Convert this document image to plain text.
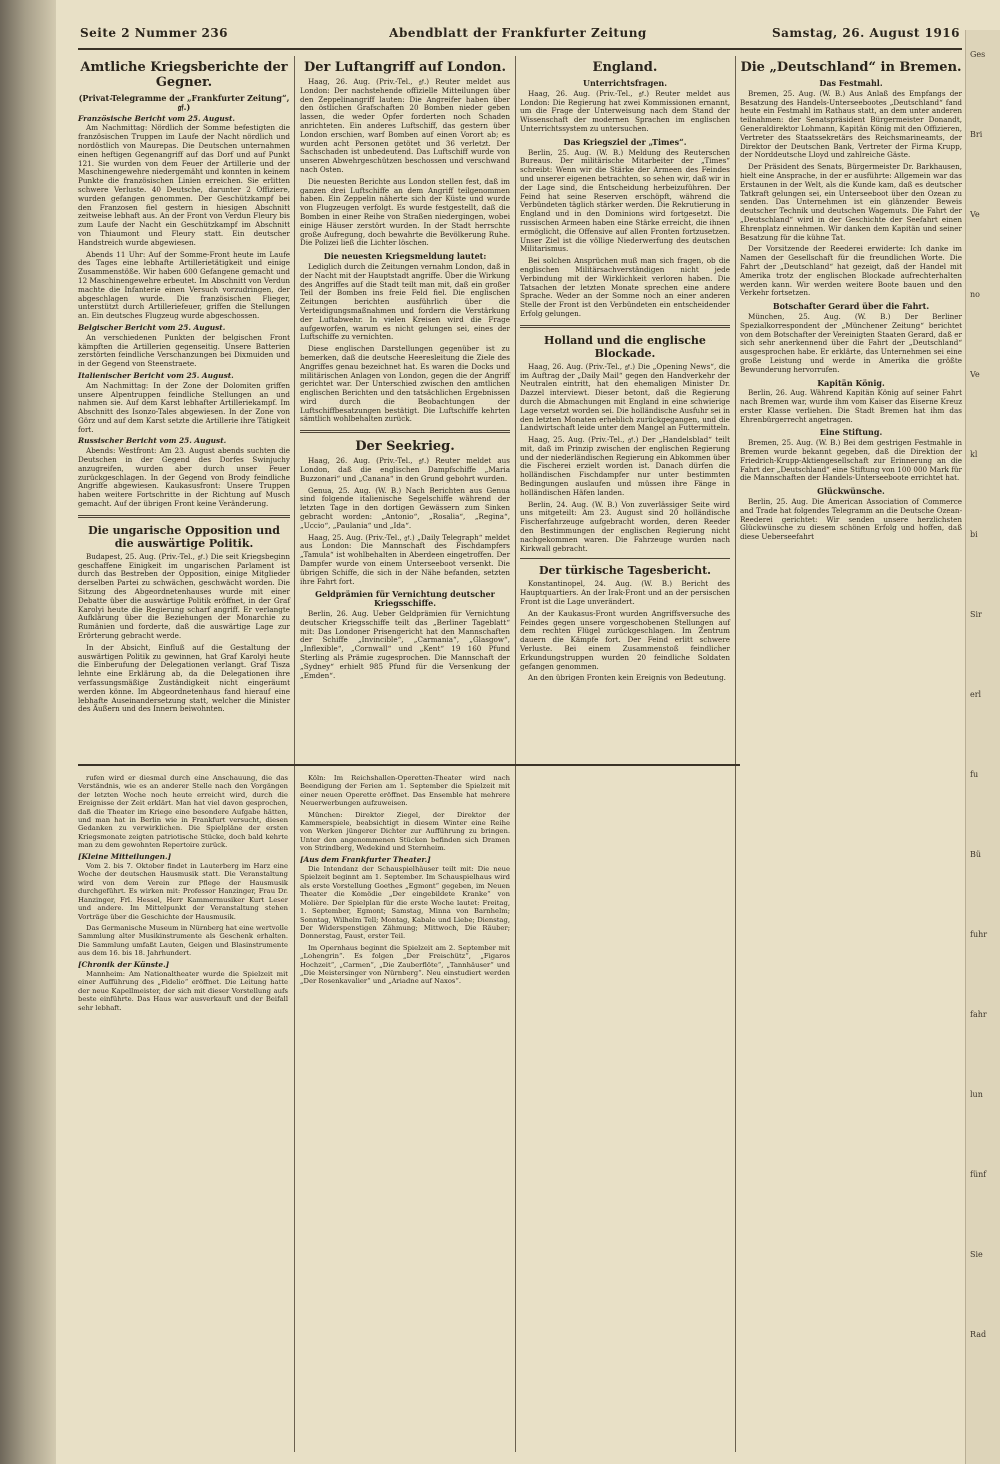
Ges
Bri
Ve
no
Ve
kl
bi
Sir
erl
fu
Bü
fuhr
fahr
lun
fünf
Sie
Rad
Seite 2 Nummer 236	Abendblatt der Frankfurter Zeitung	Samstag, 26. August 1916
Amtliche Kriegsberichte der Gegner.
(Privat-Telegramme der „Frankfurter Zeitung“, 𝔤𝔣.)
Französische Bericht vom 25. August.

Am Nachmittag: Nördlich der Somme befestigten die französischen Truppen im Laufe der Nacht nördlich und nordöstlich von Maurepas. Die Deutschen unternahmen einen heftigen Gegenangriff auf das Dorf und auf Punkt 121. Sie wurden von dem Feuer der Artillerie und der Maschinengewehre niedergemäht und konnten in keinem Punkte die französischen Linien erreichen. Sie erlitten schwere Verluste. 40 Deutsche, darunter 2 Offiziere, wurden gefangen genommen. Der Geschützkampf bei den Franzosen fiel gestern in hiesigen Abschnitt zeitweise lebhaft aus. An der Front von Verdun Fleury bis zum Laufe der Nacht ein Geschützkampf im Abschnitt von Thiaumont und Fleury statt. Ein deutscher Handstreich wurde abgewiesen.

Abends 11 Uhr: Auf der Somme-Front heute im Laufe des Tages eine lebhafte Artillerietätigkeit und einige Zusammenstöße. Wir haben 600 Gefangene gemacht und 12 Maschinengewehre erbeutet. Im Abschnitt von Verdun machte die Infanterie einen Versuch vorzudringen, der abgeschlagen wurde. Die französischen Flieger, unterstützt durch Artilleriefeuer, griffen die Stellungen an. Ein deutsches Flugzeug wurde abgeschossen.

Belgischer Bericht vom 25. August.

An verschiedenen Punkten der belgischen Front kämpften die Artillerien gegenseitig. Unsere Batterien zerstörten feindliche Verschanzungen bei Dixmuiden und in der Gegend von Steenstraete.

Italienischer Bericht vom 25. August.

Am Nachmittag: In der Zone der Dolomiten griffen unsere Alpentruppen feindliche Stellungen an und nahmen sie. Auf dem Karst lebhafter Artilleriekampf. Im Abschnitt des Isonzo-Tales abgewiesen. In der Zone von Görz und auf dem Karst setzte die Artillerie ihre Tätigkeit fort.

Russischer Bericht vom 25. August.

Abends: Westfront: Am 23. August abends suchten die Deutschen in der Gegend des Dorfes Swinjuchy anzugreifen, wurden aber durch unser Feuer zurückgeschlagen. In der Gegend von Brody feindliche Angriffe abgewiesen. Kaukasusfront: Unsere Truppen haben weitere Fortschritte in der Richtung auf Musch gemacht. Auf der übrigen Front keine Veränderung.

Die ungarische Opposition und die auswärtige Politik.

Budapest, 25. Aug. (Priv.-Tel., 𝔤𝔣.) Die seit Kriegsbeginn geschaffene Einigkeit im ungarischen Parlament ist durch das Bestreben der Opposition, einige Mitglieder derselben Partei zu schwächen, geschwächt worden. Die Sitzung des Abgeordnetenhauses wurde mit einer Debatte über die auswärtige Politik eröffnet, in der Graf Karolyi heute die Regierung scharf angriff. Er verlangte Aufklärung über die Beziehungen der Monarchie zu Rumänien und forderte, daß die auswärtige Lage zur Erörterung gebracht werde.

In der Absicht, Einfluß auf die Gestaltung der auswärtigen Politik zu gewinnen, hat Graf Karolyi heute die Einberufung der Delegationen verlangt. Graf Tisza lehnte eine Erklärung ab, da die Delegationen ihre verfassungsmäßige Zuständigkeit nicht eingeräumt werden könne. Im Abgeordnetenhaus fand hierauf eine lebhafte Auseinandersetzung statt, welcher die Minister des Äußern und des Innern beiwohnten.

Der Luftangriff auf London.

Haag, 26. Aug. (Priv.-Tel., 𝔤𝔣.) Reuter meldet aus London: Der nachstehende offizielle Mitteilungen über den Zeppelinangriff lauten: Die Angreifer haben über den östlichen Grafschaften 20 Bomben nieder geben lassen, die weder Opfer forderten noch Schaden anrichteten. Ein anderes Luftschiff, das gestern über London erschien, warf Bomben auf einen Vorort ab; es wurden acht Personen getötet und 36 verletzt. Der Sachschaden ist unbedeutend. Das Luftschiff wurde von unseren Abwehrgeschützen beschossen und verschwand nach Osten.

Die neuesten Berichte aus London stellen fest, daß im ganzen drei Luftschiffe an dem Angriff teilgenommen haben. Ein Zeppelin näherte sich der Küste und wurde von Flugzeugen verfolgt. Es wurde festgestellt, daß die Bomben in einer Reihe von Straßen niedergingen, wobei einige Häuser zerstört wurden. In der Stadt herrschte große Aufregung, doch bewahrte die Bevölkerung Ruhe. Die Polizei ließ die Lichter löschen.

Die neuesten Kriegsmeldung lautet:

Lediglich durch die Zeitungen vernahm London, daß in der Nacht mit der Hauptstadt angriffe. Über die Wirkung des Angriffes auf die Stadt teilt man mit, daß ein großer Teil der Bomben ins freie Feld fiel. Die englischen Zeitungen berichten ausführlich über die Verteidigungsmaßnahmen und fordern die Verstärkung der Luftabwehr. In vielen Kreisen wird die Frage aufgeworfen, warum es nicht gelungen sei, eines der Luftschiffe zu vernichten.

Diese englischen Darstellungen gegenüber ist zu bemerken, daß die deutsche Heeresleitung die Ziele des Angriffes genau bezeichnet hat. Es waren die Docks und militärischen Anlagen von London, gegen die der Angriff gerichtet war. Der Unterschied zwischen den amtlichen englischen Berichten und den tatsächlichen Ergebnissen wird durch die Beobachtungen der Luftschiffbesatzungen bestätigt. Die Luftschiffe kehrten sämtlich wohlbehalten zurück.

Der Seekrieg.

Haag, 26. Aug. (Priv.-Tel., 𝔤𝔣.) Reuter meldet aus London, daß die englischen Dampfschiffe „Maria Buzzonari“ und „Canana“ in den Grund gebohrt wurden.

Genua, 25. Aug. (W. B.) Nach Berichten aus Genua sind folgende italienische Segelschiffe während der letzten Tage in den dortigen Gewässern zum Sinken gebracht worden: „Antonio“, „Rosalia“, „Regina“, „Uccio“, „Paulania“ und „Ida“.

Haag, 25. Aug. (Priv.-Tel., 𝔤𝔣.) „Daily Telegraph“ meldet aus London: Die Mannschaft des Fischdampfers „Tamula“ ist wohlbehalten in Aberdeen eingetroffen. Der Dampfer wurde von einem Unterseeboot versenkt. Die übrigen Schiffe, die sich in der Nähe befanden, setzten ihre Fahrt fort.

Geldprämien für Vernichtung deutscher Kriegsschiffe.

Berlin, 26. Aug. Ueber Geldprämien für Vernichtung deutscher Kriegsschiffe teilt das „Berliner Tageblatt“ mit: Das Londoner Prisengericht hat den Mannschaften der Schiffe „Invincible“, „Carmania“, „Glasgow“, „Inflexible“, „Cornwall“ und „Kent“ 19 160 Pfund Sterling als Prämie zugesprochen. Die Mannschaft der „Sydney“ erhielt 985 Pfund für die Versenkung der „Emden“.

England.
Unterrichtsfragen.

Haag, 26. Aug. (Priv.-Tel., 𝔤𝔣.) Reuter meldet aus London: Die Regierung hat zwei Kommissionen ernannt, um die Frage der Unterweisung nach dem Stand der Wissenschaft der modernen Sprachen im englischen Unterrichtssystem zu untersuchen.

Das Kriegsziel der „Times“.

Berlin, 25. Aug. (W. B.) Meldung des Reuterschen Bureaus. Der militärische Mitarbeiter der „Times“ schreibt: Wenn wir die Stärke der Armeen des Feindes und unserer eigenen betrachten, so sehen wir, daß wir in der Lage sind, die Entscheidung herbeizuführen. Der Feind hat seine Reserven erschöpft, während die Verbündeten täglich stärker werden. Die Rekrutierung in England und in den Dominions wird fortgesetzt. Die russischen Armeen haben eine Stärke erreicht, die ihnen ermöglicht, die Offensive auf allen Fronten fortzusetzen. Unser Ziel ist die völlige Niederwerfung des deutschen Militarismus.

Bei solchen Ansprüchen muß man sich fragen, ob die englischen Militärsachverständigen nicht jede Verbindung mit der Wirklichkeit verloren haben. Die Tatsachen der letzten Monate sprechen eine andere Sprache. Weder an der Somme noch an einer anderen Stelle der Front ist den Verbündeten ein entscheidender Erfolg gelungen.

Holland und die englische Blockade.

Haag, 26. Aug. (Priv.-Tel., 𝔤𝔣.) Die „Opening News“, die im Auftrag der „Daily Mail“ gegen den Handverkehr der Neutralen eintritt, hat den ehemaligen Minister Dr. Dazzel interviewt. Dieser betont, daß die Regierung durch die Abmachungen mit England in eine schwierige Lage versetzt worden sei. Die holländische Ausfuhr sei in den letzten Monaten erheblich zurückgegangen, und die Landwirtschaft leide unter dem Mangel an Futtermitteln.

Haag, 25. Aug. (Priv.-Tel., 𝔤𝔣.) Der „Handelsblad“ teilt mit, daß im Prinzip zwischen der englischen Regierung und der niederländischen Regierung ein Abkommen über die Fischerei erzielt worden ist. Danach dürfen die holländischen Fischdampfer nur unter bestimmten Bedingungen auslaufen und müssen ihre Fänge in holländischen Häfen landen.

Berlin, 24. Aug. (W. B.) Von zuverlässiger Seite wird uns mitgeteilt: Am 23. August sind 20 holländische Fischerfahrzeuge aufgebracht worden, deren Reeder den Bestimmungen der englischen Regierung nicht nachgekommen waren. Die Fahrzeuge wurden nach Kirkwall gebracht.

Der türkische Tagesbericht.

Konstantinopel, 24. Aug. (W. B.) Bericht des Hauptquartiers. An der Irak-Front und an der persischen Front ist die Lage unverändert.

An der Kaukasus-Front wurden Angriffsversuche des Feindes gegen unsere vorgeschobenen Stellungen auf dem rechten Flügel zurückgeschlagen. Im Zentrum dauern die Kämpfe fort. Der Feind erlitt schwere Verluste. Bei einem Zusammenstoß feindlicher Erkundungstruppen wurden 20 feindliche Soldaten gefangen genommen.

An den übrigen Fronten kein Ereignis von Bedeutung.

Die „Deutschland“ in Bremen.
Das Festmahl.

Bremen, 25. Aug. (W. B.) Aus Anlaß des Empfangs der Besatzung des Handels-Unterseebootes „Deutschland“ fand heute ein Festmahl im Rathaus statt, an dem unter anderen teilnahmen: der Senatspräsident Bürgermeister Donandt, Generaldirektor Lohmann, Kapitän König mit den Offizieren, Vertreter des Staatssekretärs des Reichsmarineamts, der Direktor der Deutschen Bank, Vertreter der Firma Krupp, der Norddeutsche Lloyd und zahlreiche Gäste.

Der Präsident des Senats, Bürgermeister Dr. Barkhausen, hielt eine Ansprache, in der er ausführte: Allgemein war das Erstaunen in der Welt, als die Kunde kam, daß es deutscher Tatkraft gelungen sei, ein Unterseeboot über den Ozean zu senden. Das Unternehmen ist ein glänzender Beweis deutscher Technik und deutschen Wagemuts. Die Fahrt der „Deutschland“ wird in der Geschichte der Seefahrt einen Ehrenplatz einnehmen. Wir danken dem Kapitän und seiner Besatzung für die kühne Tat.

Der Vorsitzende der Reederei erwiderte: Ich danke im Namen der Gesellschaft für die freundlichen Worte. Die Fahrt der „Deutschland“ hat gezeigt, daß der Handel mit Amerika trotz der englischen Blockade aufrechterhalten werden kann. Wir werden weitere Boote bauen und den Verkehr fortsetzen.

Botschafter Gerard über die Fahrt.

München, 25. Aug. (W. B.) Der Berliner Spezialkorrespondent der „Münchener Zeitung“ berichtet von dem Botschafter der Vereinigten Staaten Gerard, daß er sich sehr anerkennend über die Fahrt der „Deutschland“ ausgesprochen habe. Er erklärte, das Unternehmen sei eine große Leistung und werde in Amerika die größte Bewunderung hervorrufen.

Kapitän König.

Berlin, 26. Aug. Während Kapitän König auf seiner Fahrt nach Bremen war, wurde ihm vom Kaiser das Eiserne Kreuz erster Klasse verliehen. Die Stadt Bremen hat ihm das Ehrenbürgerrecht angetragen.

Eine Stiftung.

Bremen, 25. Aug. (W. B.) Bei dem gestrigen Festmahle in Bremen wurde bekannt gegeben, daß die Direktion der Friedrich-Krupp-Aktiengesellschaft zur Erinnerung an die Fahrt der „Deutschland“ eine Stiftung von 100 000 Mark für die Mannschaften der Handels-Unterseeboote errichtet hat.

Glückwünsche.

Berlin, 25. Aug. Die American Association of Commerce and Trade hat folgendes Telegramm an die Deutsche Ozean-Reederei gerichtet: Wir senden unsere herzlichsten Glückwünsche zu diesem schönen Erfolg und hoffen, daß diese Ueberseefahrt

rufen wird er diesmal durch eine Anschauung, die das Verständnis, wie es an anderer Stelle nach den Vorgängen der letzten Woche noch heute erreicht wird, durch die Ereignisse der Zeit erklärt. Man hat viel davon gesprochen, daß die Theater im Kriege eine besondere Aufgabe hätten, und man hat in Berlin wie in Frankfurt versucht, diesen Gedanken zu verwirklichen. Die Spielpläne der ersten Kriegsmonate zeigten patriotische Stücke, doch bald kehrte man zu dem gewohnten Repertoire zurück.

[Kleine Mitteilungen.]

Vom 2. bis 7. Oktober findet in Lauterberg im Harz eine Woche der deutschen Hausmusik statt. Die Veranstaltung wird von dem Verein zur Pflege der Hausmusik durchgeführt. Es wirken mit: Professor Hanzinger, Frau Dr. Hanzinger, Frl. Hessel, Herr Kammermusiker Kurt Leser und andere. Im Mittelpunkt der Veranstaltung stehen Vorträge über die Geschichte der Hausmusik.

Das Germanische Museum in Nürnberg hat eine wertvolle Sammlung alter Musikinstrumente als Geschenk erhalten. Die Sammlung umfaßt Lauten, Geigen und Blasinstrumente aus dem 16. bis 18. Jahrhundert.

[Chronik der Künste.]

Mannheim: Am Nationaltheater wurde die Spielzeit mit einer Aufführung des „Fidelio“ eröffnet. Die Leitung hatte der neue Kapellmeister, der sich mit dieser Vorstellung aufs beste einführte. Das Haus war ausverkauft und der Beifall sehr lebhaft.

Köln: Im Reichshallen-Operetten-Theater wird nach Beendigung der Ferien am 1. September die Spielzeit mit einer neuen Operette eröffnet. Das Ensemble hat mehrere Neuerwerbungen aufzuweisen.

München: Direktor Ziegel, der Direktor der Kammerspiele, beabsichtigt in diesem Winter eine Reihe von Werken jüngerer Dichter zur Aufführung zu bringen. Unter den angenommenen Stücken befinden sich Dramen von Strindberg, Wedekind und Sternheim.

[Aus dem Frankfurter Theater.]

Die Intendanz der Schauspielhäuser teilt mit: Die neue Spielzeit beginnt am 1. September. Im Schauspielhaus wird als erste Vorstellung Goethes „Egmont“ gegeben, im Neuen Theater die Komödie „Der eingebildete Kranke“ von Molière. Der Spielplan für die erste Woche lautet: Freitag, 1. September, Egmont; Samstag, Minna von Barnhelm; Sonntag, Wilhelm Tell; Montag, Kabale und Liebe; Dienstag, Der Widerspenstigen Zähmung; Mittwoch, Die Räuber; Donnerstag, Faust, erster Teil.

Im Opernhaus beginnt die Spielzeit am 2. September mit „Lohengrin“. Es folgen „Der Freischütz“, „Figaros Hochzeit“, „Carmen“, „Die Zauberflöte“, „Tannhäuser“ und „Die Meistersinger von Nürnberg“. Neu einstudiert werden „Der Rosenkavalier“ und „Ariadne auf Naxos“.
